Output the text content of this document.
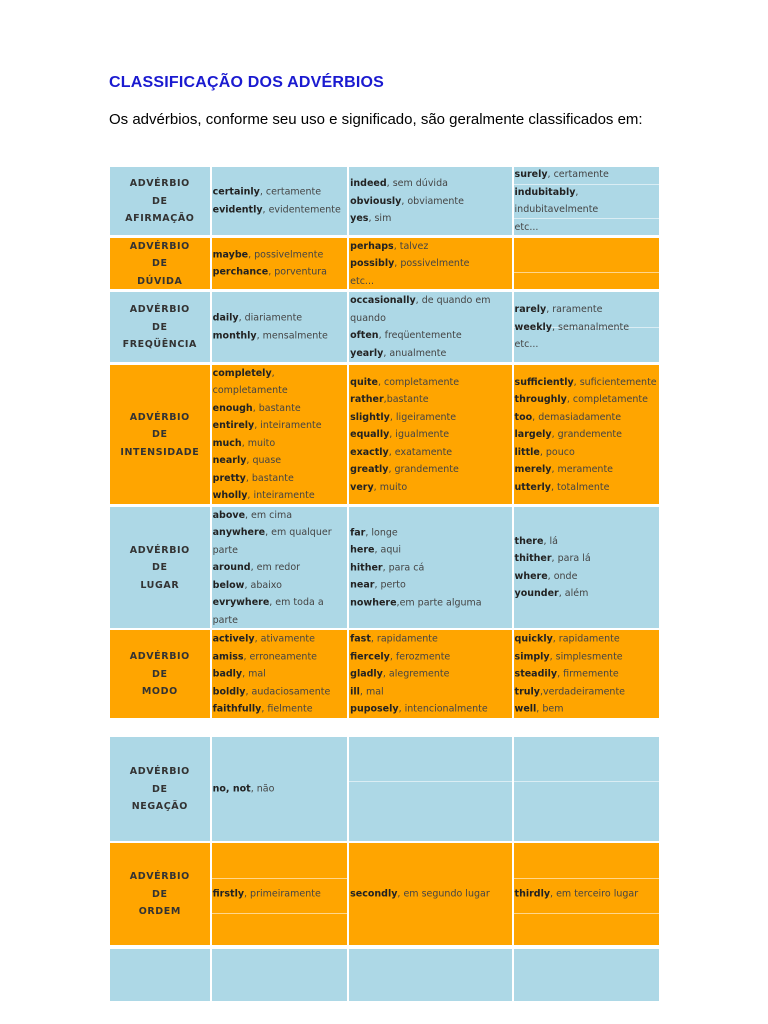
CLASSIFICAÇÃO DOS ADVÉRBIOS
Os advérbios, conforme seu uso e significado, são geralmente classificados em:
ADVÉRBIO
DE
AFIRMAÇÃO
certainly, certamente
evidently, evidentemente
indeed, sem dúvida
obviously, obviamente
yes, sim
surely, certamente
indubitably,
indubitavelmente
etc...
ADVÉRBIO
DE
DÚVIDA
maybe, possivelmente
perchance, porventura
perhaps, talvez
possibly, possivelmente
etc...
ADVÉRBIO
DE
FREQÜÊNCIA
daily, diariamente
monthly, mensalmente
occasionally, de quando em quando
often, freqüentemente
yearly, anualmente
rarely, raramente
weekly, semanalmente
etc...
ADVÉRBIO
DE
INTENSIDADE
completely, completamente
enough, bastante
entirely, inteiramente
much, muito
nearly, quase
pretty, bastante
wholly, inteiramente
quite, completamente
rather,bastante
slightly, ligeiramente
equally, igualmente
exactly, exatamente
greatly, grandemente
very, muito
sufficiently, suficientemente
throughly, completamente
too, demasiadamente
largely, grandemente
little, pouco
merely, meramente
utterly, totalmente
ADVÉRBIO
DE
LUGAR
above, em cima
anywhere, em qualquer parte
around, em redor
below, abaixo
evrywhere, em toda a parte
far, longe
here, aqui
hither, para cá
near, perto
nowhere,em parte alguma
there, lá
thither, para lá
where, onde
younder, além
ADVÉRBIO
DE
MODO
actively, ativamente
amiss, erroneamente
badly, mal
boldly, audaciosamente
faithfully, fielmente
fast, rapidamente
fiercely, ferozmente
gladly, alegremente
ill, mal
puposely, intencionalmente
quickly, rapidamente
simply, simplesmente
steadily, firmemente
truly,verdadeiramente
well, bem
ADVÉRBIO
DE
NEGAÇÃO
no, not, não
ADVÉRBIO
DE
ORDEM
firstly, primeiramente	secondly, em segundo lugar	thirdly, em terceiro lugar
